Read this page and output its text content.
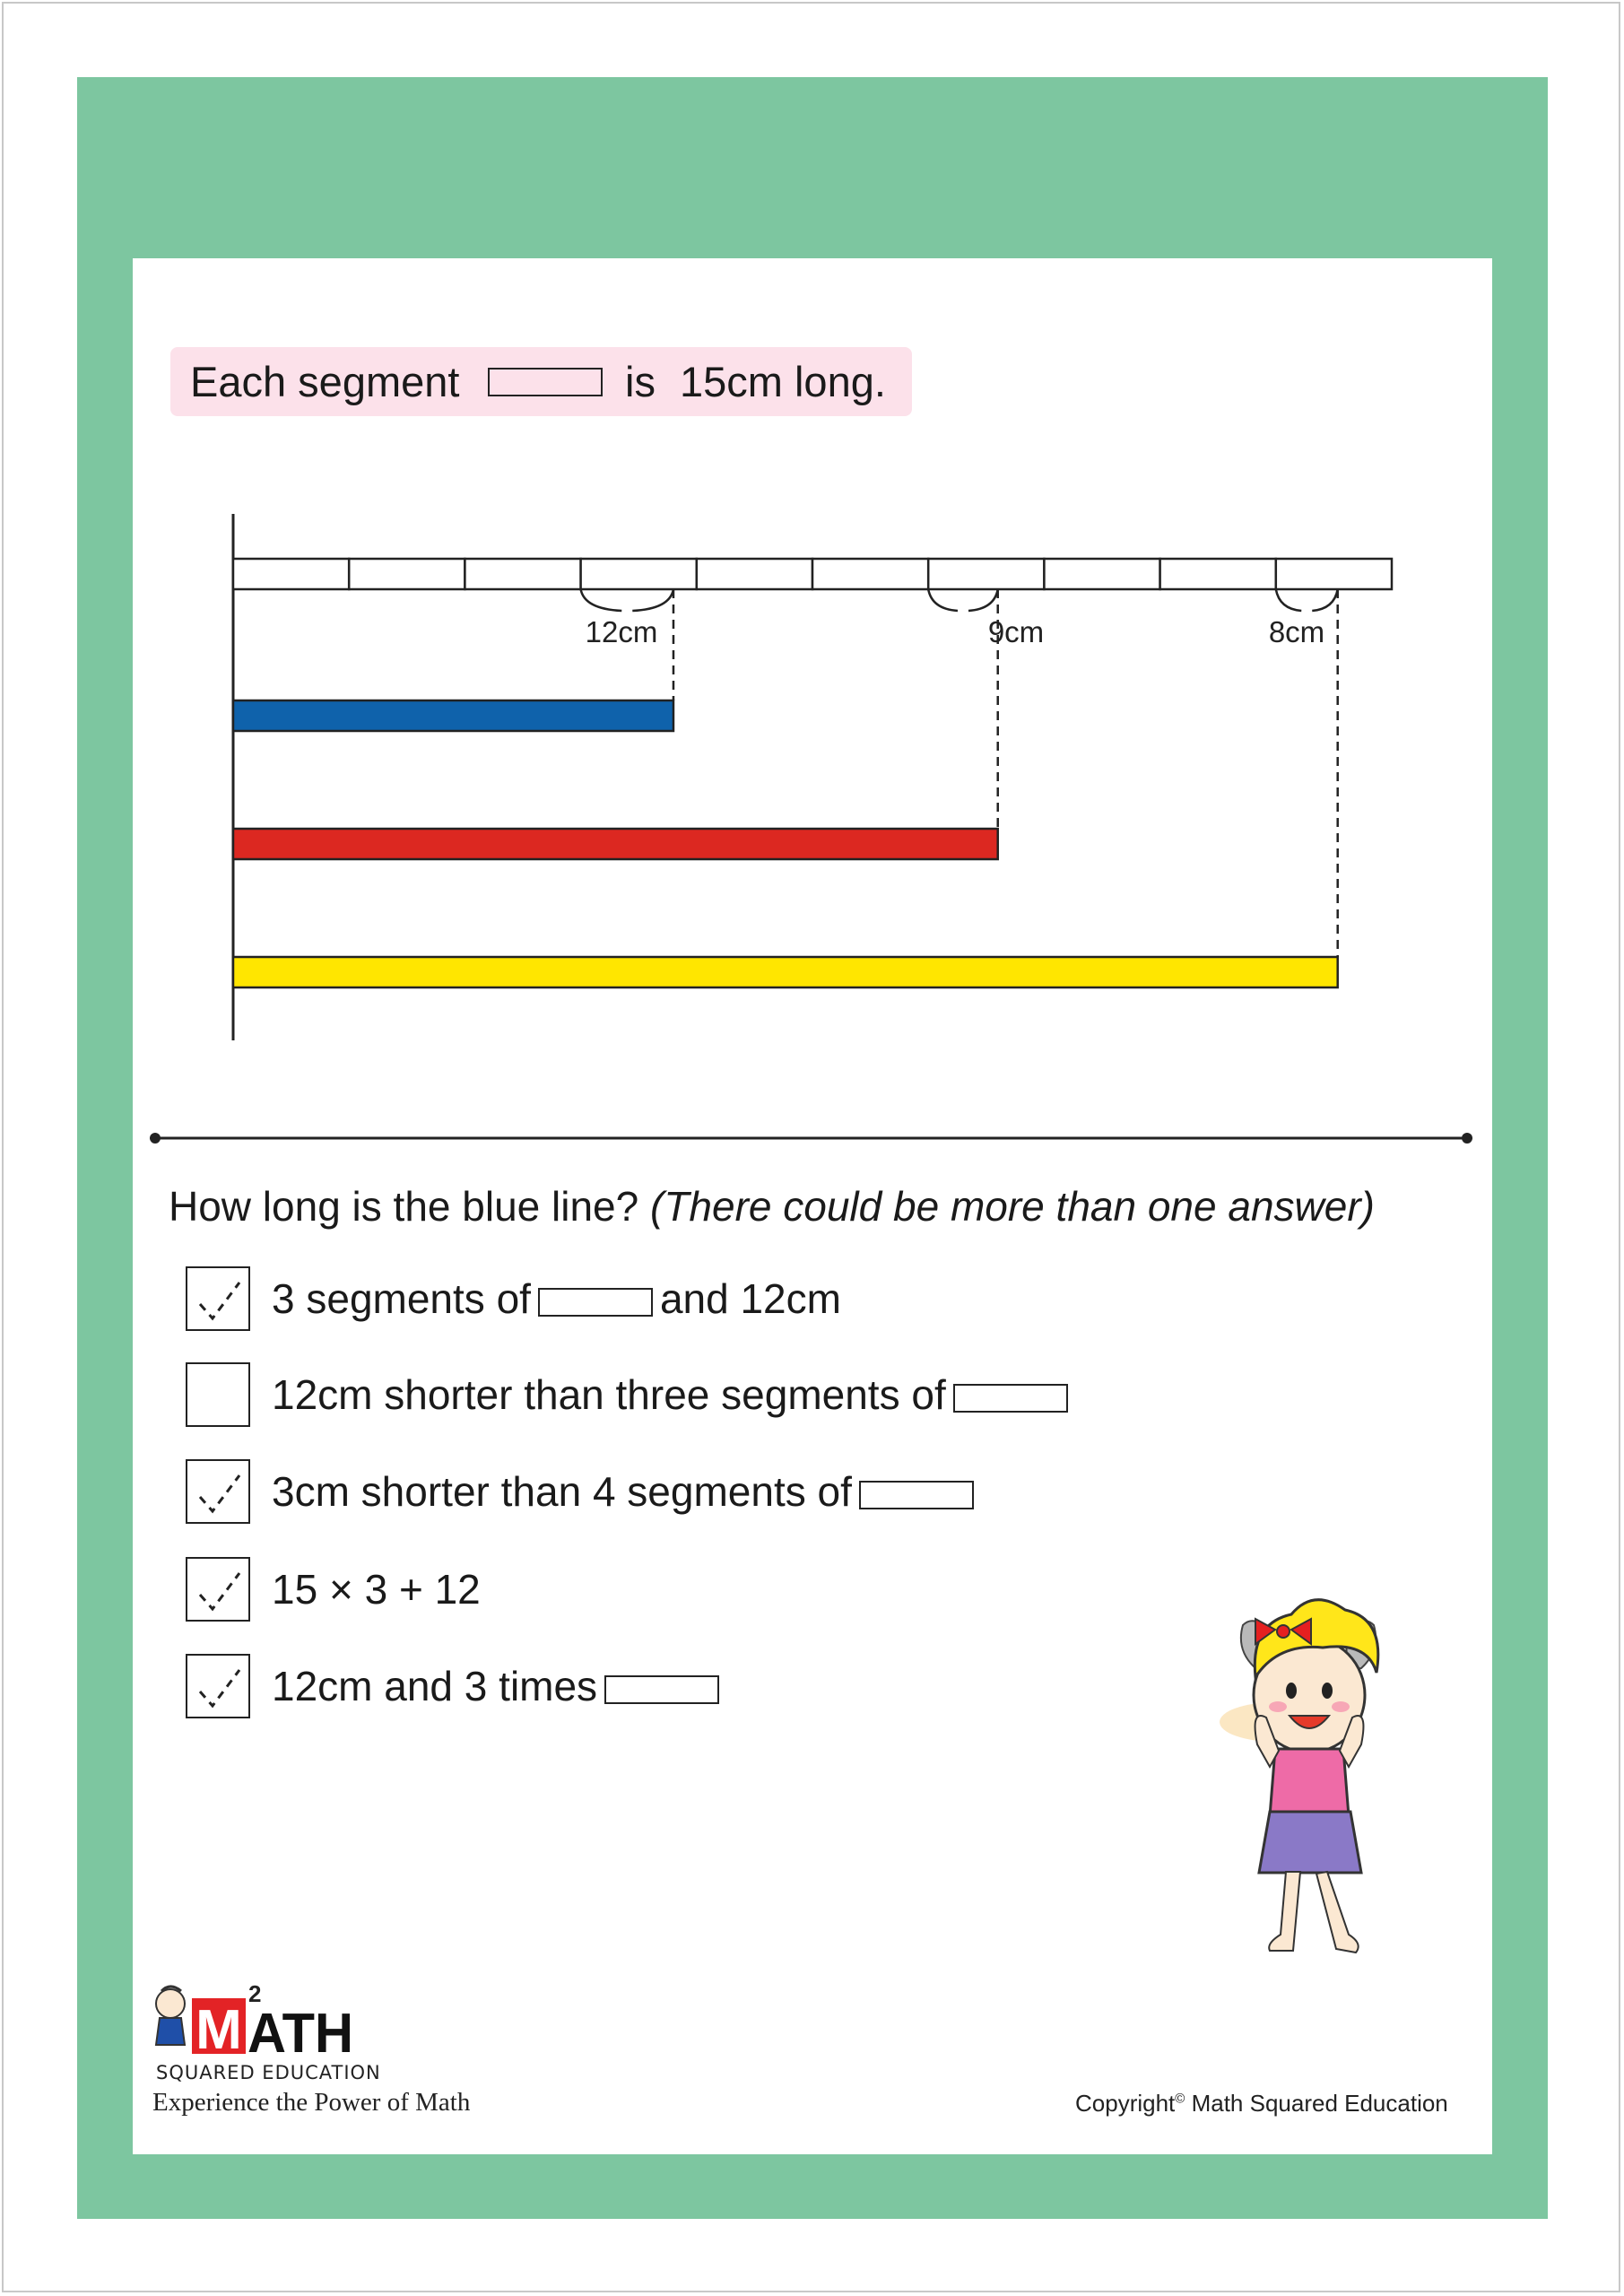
Each segment	is 15cm long.
12cm	9cm	8cm
How long is the blue line? (There could be more than one answer)
3 segments of	and 12cm
12cm shorter than three segments of
3cm shorter than 4 segments of
15 × 3 + 12
12cm and 3 times
M
2
ATH
SQUARED EDUCATION
Experience the Power of Math	Copyright© Math Squared Education
